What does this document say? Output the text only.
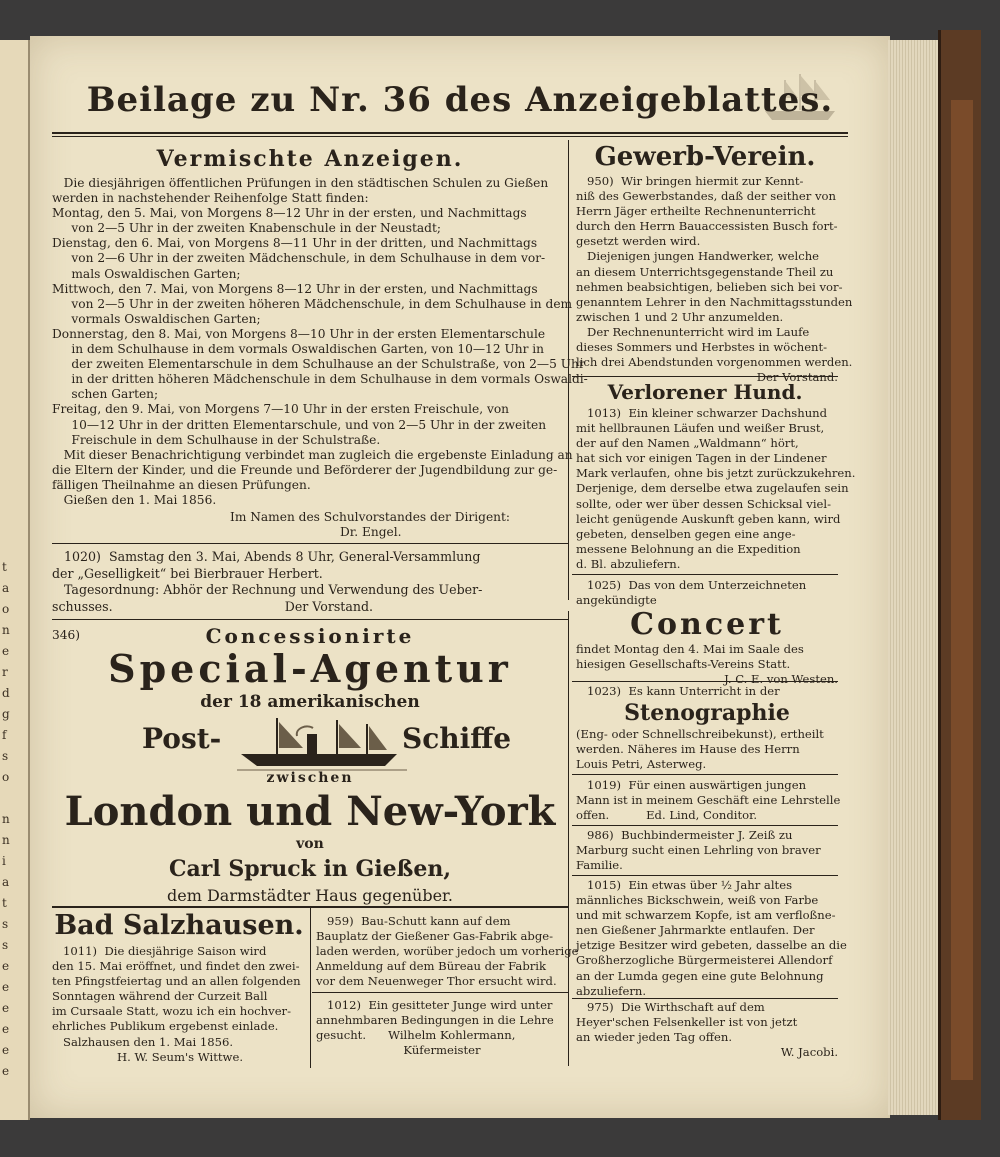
t
a
o
n
e
r
d
g
f
s
o
n
n
i
a
t
s
s
e
e
e
e
e
e
Beilage zu Nr. 36 des Anzeigeblattes.
Vermischte Anzeigen.
Die diesjährigen öffentlichen Prüfungen in den städtischen Schulen zu Gießen
werden in nachstehender Reihenfolge Statt finden:
Montag, den 5. Mai, von Morgens 8—12 Uhr in der ersten, und Nachmittags
von 2—5 Uhr in der zweiten Knabenschule in der Neustadt;
Dienstag, den 6. Mai, von Morgens 8—11 Uhr in der dritten, und Nachmittags
von 2—6 Uhr in der zweiten Mädchenschule, in dem Schulhause in dem vor-
mals Oswaldischen Garten;
Mittwoch, den 7. Mai, von Morgens 8—12 Uhr in der ersten, und Nachmittags
von 2—5 Uhr in der zweiten höheren Mädchenschule, in dem Schulhause in dem
vormals Oswaldischen Garten;
Donnerstag, den 8. Mai, von Morgens 8—10 Uhr in der ersten Elementarschule
in dem Schulhause in dem vormals Oswaldischen Garten, von 10—12 Uhr in
der zweiten Elementarschule in dem Schulhause an der Schulstraße, von 2—5 Uhr
in der dritten höheren Mädchenschule in dem Schulhause in dem vormals Oswaldi-
schen Garten;
Freitag, den 9. Mai, von Morgens 7—10 Uhr in der ersten Freischule, von
10—12 Uhr in der dritten Elementarschule, und von 2—5 Uhr in der zweiten
Freischule in dem Schulhause in der Schulstraße.
Mit dieser Benachrichtigung verbindet man zugleich die ergebenste Einladung an
die Eltern der Kinder, und die Freunde und Beförderer der Jugendbildung zur ge-
fälligen Theilnahme an diesen Prüfungen.
Gießen den 1. Mai 1856.
Im Namen des Schulvorstandes der Dirigent:
Dr. Engel.
1020)  Samstag den 3. Mai, Abends 8 Uhr, General-Versammlung
der „Geselligkeit“ bei Bierbrauer Herbert.
Tagesordnung: Abhör der Rechnung und Verwendung des Ueber-
schusses.                                           Der Vorstand.
346)	Concessionirte
Special-Agentur
der 18 amerikanischen
Post-	Schiffe
zwischen
London und New-York
von
Carl Spruck in Gießen,
dem Darmstädter Haus gegenüber.
Bad Salzhausen.
1011)  Die diesjährige Saison wird
den 15. Mai eröffnet, und findet den zwei-
ten Pfingstfeiertag und an allen folgenden
Sonntagen während der Curzeit Ball
im Cursaale Statt, wozu ich ein hochver-
ehrliches Publikum ergebenst einlade.
Salzhausen den 1. Mai 1856.
H. W. Seum's Wittwe.
959)  Bau-Schutt kann auf dem
Bauplatz der Gießener Gas-Fabrik abge-
laden werden, worüber jedoch um vorherige
Anmeldung auf dem Büreau der Fabrik
vor dem Neuenweger Thor ersucht wird.
1012)  Ein gesitteter Junge wird unter
annehmbaren Bedingungen in die Lehre
gesucht.      Wilhelm Kohlermann,
Küfermeister
Gewerb-Verein.
950)  Wir bringen hiermit zur Kennt-
niß des Gewerbstandes, daß der seither von
Herrn Jäger ertheilte Rechnenunterricht
durch den Herrn Bauaccessisten Busch fort-
gesetzt werden wird.
Diejenigen jungen Handwerker, welche
an diesem Unterrichtsgegenstande Theil zu
nehmen beabsichtigen, belieben sich bei vor-
genanntem Lehrer in den Nachmittagsstunden
zwischen 1 und 2 Uhr anzumelden.
Der Rechnenunterricht wird im Laufe
dieses Sommers und Herbstes in wöchent-
lich drei Abendstunden vorgenommen werden.
Der Vorstand.
Verlorener Hund.
1013)  Ein kleiner schwarzer Dachshund
mit hellbraunen Läufen und weißer Brust,
der auf den Namen „Waldmann“ hört,
hat sich vor einigen Tagen in der Lindener
Mark verlaufen, ohne bis jetzt zurückzukehren.
Derjenige, dem derselbe etwa zugelaufen sein
sollte, oder wer über dessen Schicksal viel-
leicht genügende Auskunft geben kann, wird
gebeten, denselben gegen eine ange-
messene Belohnung an die Expedition
d. Bl. abzuliefern.
1025)  Das von dem Unterzeichneten
angekündigte
Concert
findet Montag den 4. Mai im Saale des
hiesigen Gesellschafts-Vereins Statt.
J. C. E. von Westen.
1023)  Es kann Unterricht in der
Stenographie
(Eng- oder Schnellschreibekunst), ertheilt
werden. Näheres im Hause des Herrn
Louis Petri, Asterweg.
1019)  Für einen auswärtigen jungen
Mann ist in meinem Geschäft eine Lehrstelle
offen.          Ed. Lind, Conditor.
986)  Buchbindermeister J. Zeiß zu
Marburg sucht einen Lehrling von braver
Familie.
1015)  Ein etwas über ½ Jahr altes
männliches Bickschwein, weiß von Farbe
und mit schwarzem Kopfe, ist am verfloßne-
nen Gießener Jahrmarkte entlaufen. Der
jetzige Besitzer wird gebeten, dasselbe an die
Großherzogliche Bürgermeisterei Allendorf
an der Lumda gegen eine gute Belohnung
abzuliefern.
975)  Die Wirthschaft auf dem
Heyer'schen Felsenkeller ist von jetzt
an wieder jeden Tag offen.
W. Jacobi.
